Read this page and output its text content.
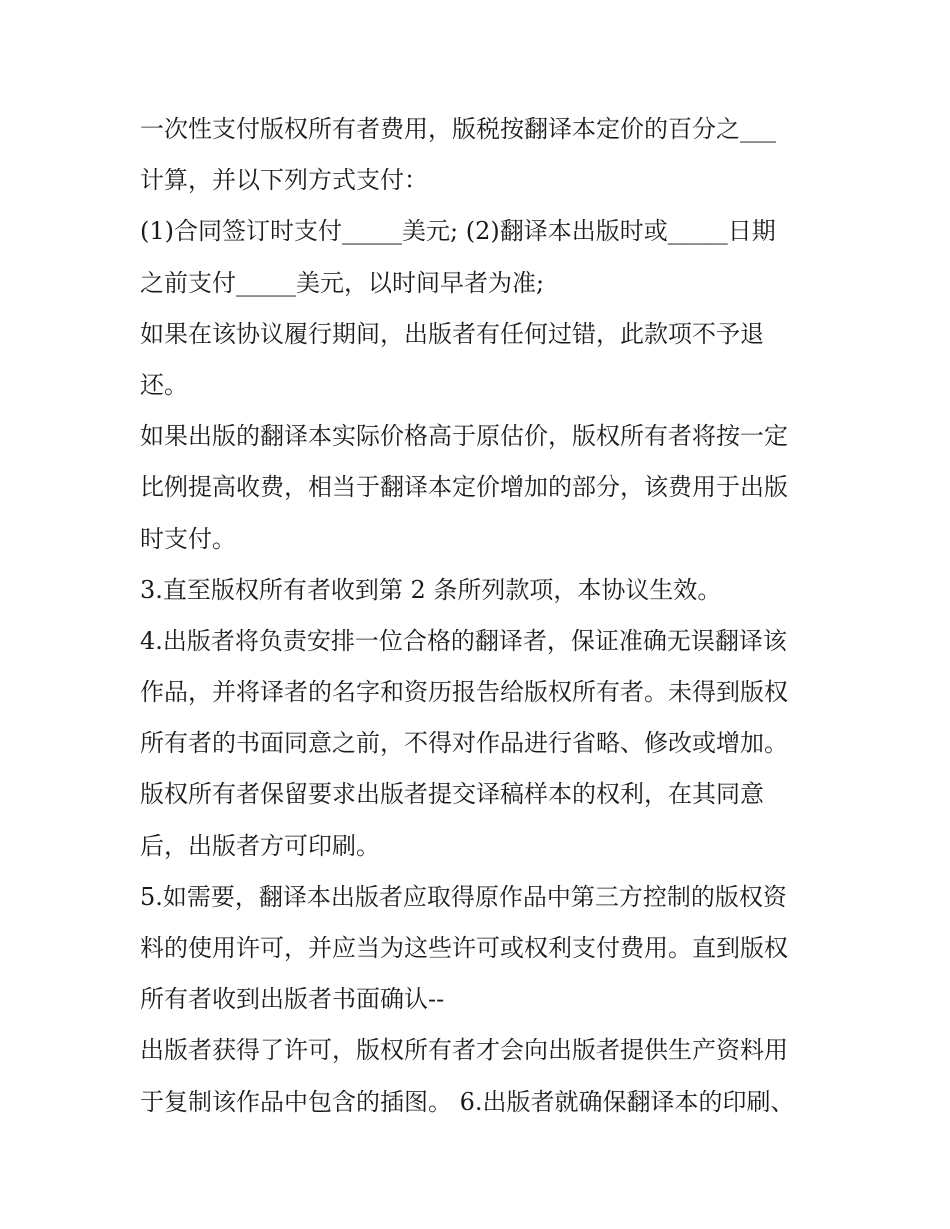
一次性支付版权所有者费用，版税按翻译本定价的百分之___
计算，并以下列方式支付：
(1)合同签订时支付_____美元; (2)翻译本出版时或_____日期
之前支付_____美元，以时间早者为准;
如果在该协议履行期间，出版者有任何过错，此款项不予退
还。
如果出版的翻译本实际价格高于原估价，版权所有者将按一定
比例提高收费，相当于翻译本定价增加的部分，该费用于出版
时支付。
3.直至版权所有者收到第 2 条所列款项，本协议生效。
4.出版者将负责安排一位合格的翻译者，保证准确无误翻译该
作品，并将译者的名字和资历报告给版权所有者。未得到版权
所有者的书面同意之前，不得对作品进行省略、修改或增加。
版权所有者保留要求出版者提交译稿样本的权利，在其同意
后，出版者方可印刷。
5.如需要，翻译本出版者应取得原作品中第三方控制的版权资
料的使用许可，并应当为这些许可或权利支付费用。直到版权
所有者收到出版者书面确认--
出版者获得了许可，版权所有者才会向出版者提供生产资料用
于复制该作品中包含的插图。 6.出版者就确保翻译本的印刷、
